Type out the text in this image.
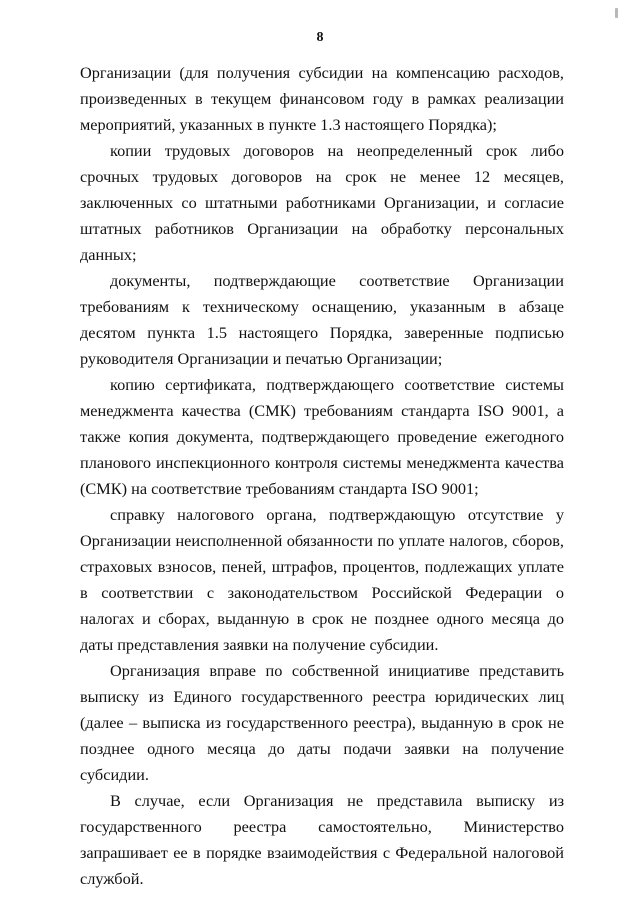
8

Организации (для получения субсидии на компенсацию расходов, произведенных в текущем финансовом году в рамках реализации мероприятий, указанных в пункте 1.3 настоящего Порядка);

копии трудовых договоров на неопределенный срок либо срочных трудовых договоров на срок не менее 12 месяцев, заключенных со штатными работниками Организации, и согласие штатных работников Организации на обработку персональных данных;

документы, подтверждающие соответствие Организации требованиям к техническому оснащению, указанным в абзаце десятом пункта 1.5 настоящего Порядка, заверенные подписью руководителя Организации и печатью Организации;

копию сертификата, подтверждающего соответствие системы менеджмента качества (СМК) требованиям стандарта ISO 9001, а также копия документа, подтверждающего проведение ежегодного планового инспекционного контроля системы менеджмента качества (СМК) на соответствие требованиям стандарта ISO 9001;

справку налогового органа, подтверждающую отсутствие у Организации неисполненной обязанности по уплате налогов, сборов, страховых взносов, пеней, штрафов, процентов, подлежащих уплате в соответствии с законодательством Российской Федерации о налогах и сборах, выданную в срок не позднее одного месяца до даты представления заявки на получение субсидии.

Организация вправе по собственной инициативе представить выписку из Единого государственного реестра юридических лиц (далее – выписка из государственного реестра), выданную в срок не позднее одного месяца до даты подачи заявки на получение субсидии.

В случае, если Организация не представила выписку из государственного реестра самостоятельно, Министерство запрашивает ее в порядке взаимодействия с Федеральной налоговой службой.
